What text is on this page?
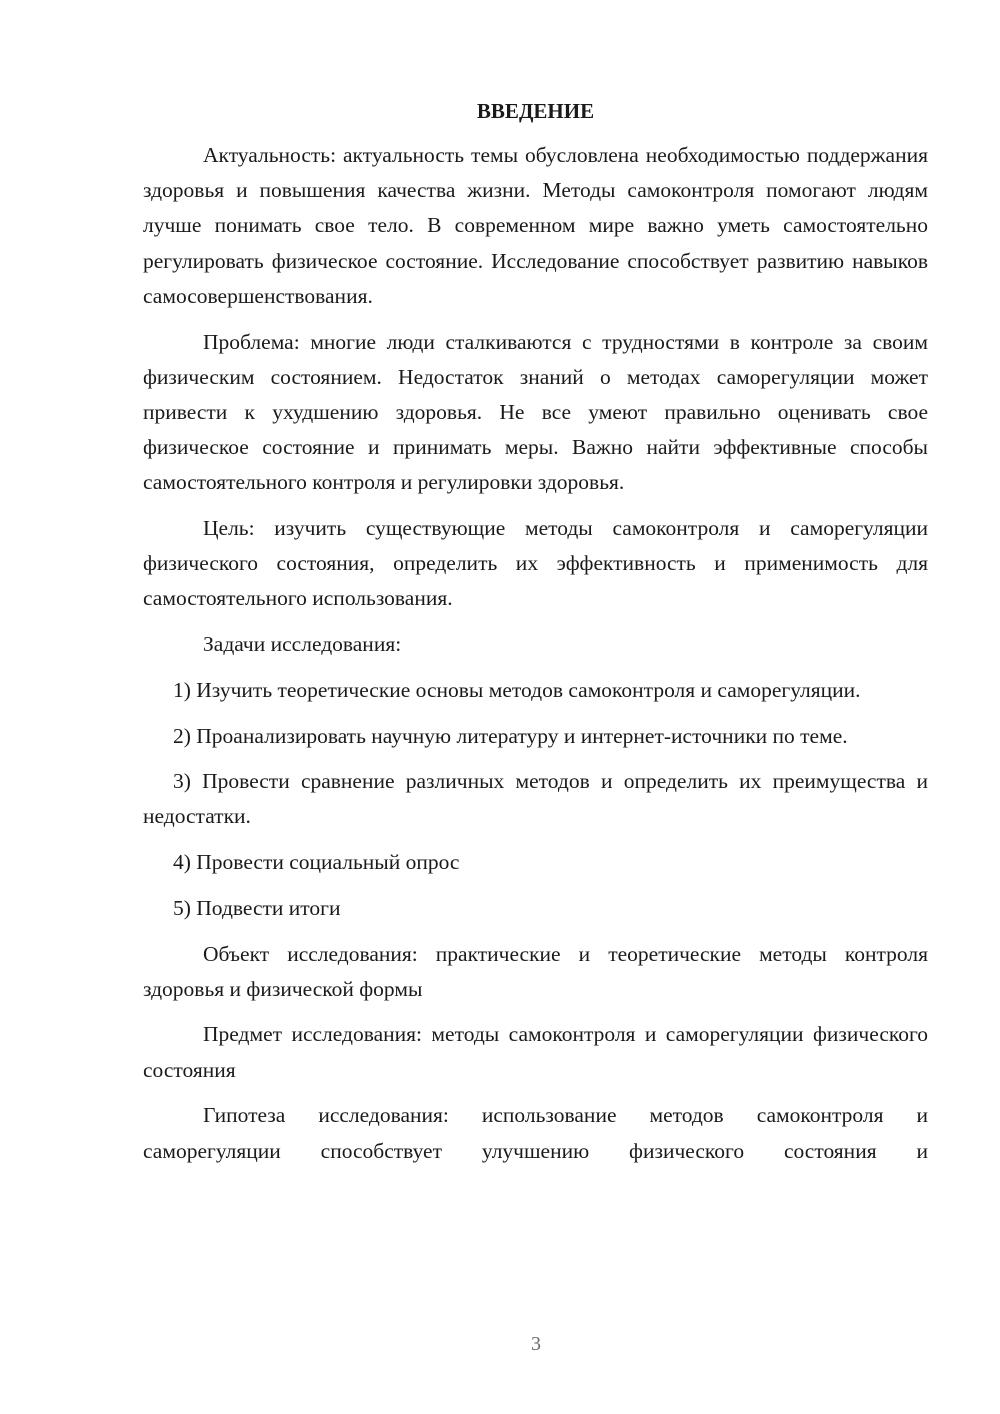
ВВЕДЕНИЕ

Актуальность: актуальность темы обусловлена необходимостью поддержания здоровья и повышения качества жизни. Методы самоконтроля помогают людям лучше понимать свое тело. В современном мире важно уметь самостоятельно регулировать физическое состояние. Исследование способствует развитию навыков самосовершенствования.

Проблема: многие люди сталкиваются с трудностями в контроле за своим физическим состоянием. Недостаток знаний о методах саморегуляции может привести к ухудшению здоровья. Не все умеют правильно оценивать свое физическое состояние и принимать меры. Важно найти эффективные способы самостоятельного контроля и регулировки здоровья.

Цель: изучить существующие методы самоконтроля и саморегуляции физического состояния, определить их эффективность и применимость для самостоятельного использования.

Задачи исследования:

1) Изучить теоретические основы методов самоконтроля и саморегуляции.

2) Проанализировать научную литературу и интернет-источники по теме.

3) Провести сравнение различных методов и определить их преимущества и недостатки.

4) Провести социальный опрос

5) Подвести итоги

Объект исследования: практические и теоретические методы контроля здоровья и физической формы

Предмет исследования: методы самоконтроля и саморегуляции физического состояния

Гипотеза исследования: использование методов самоконтроля и саморегуляции способствует улучшению физического состояния и

3
